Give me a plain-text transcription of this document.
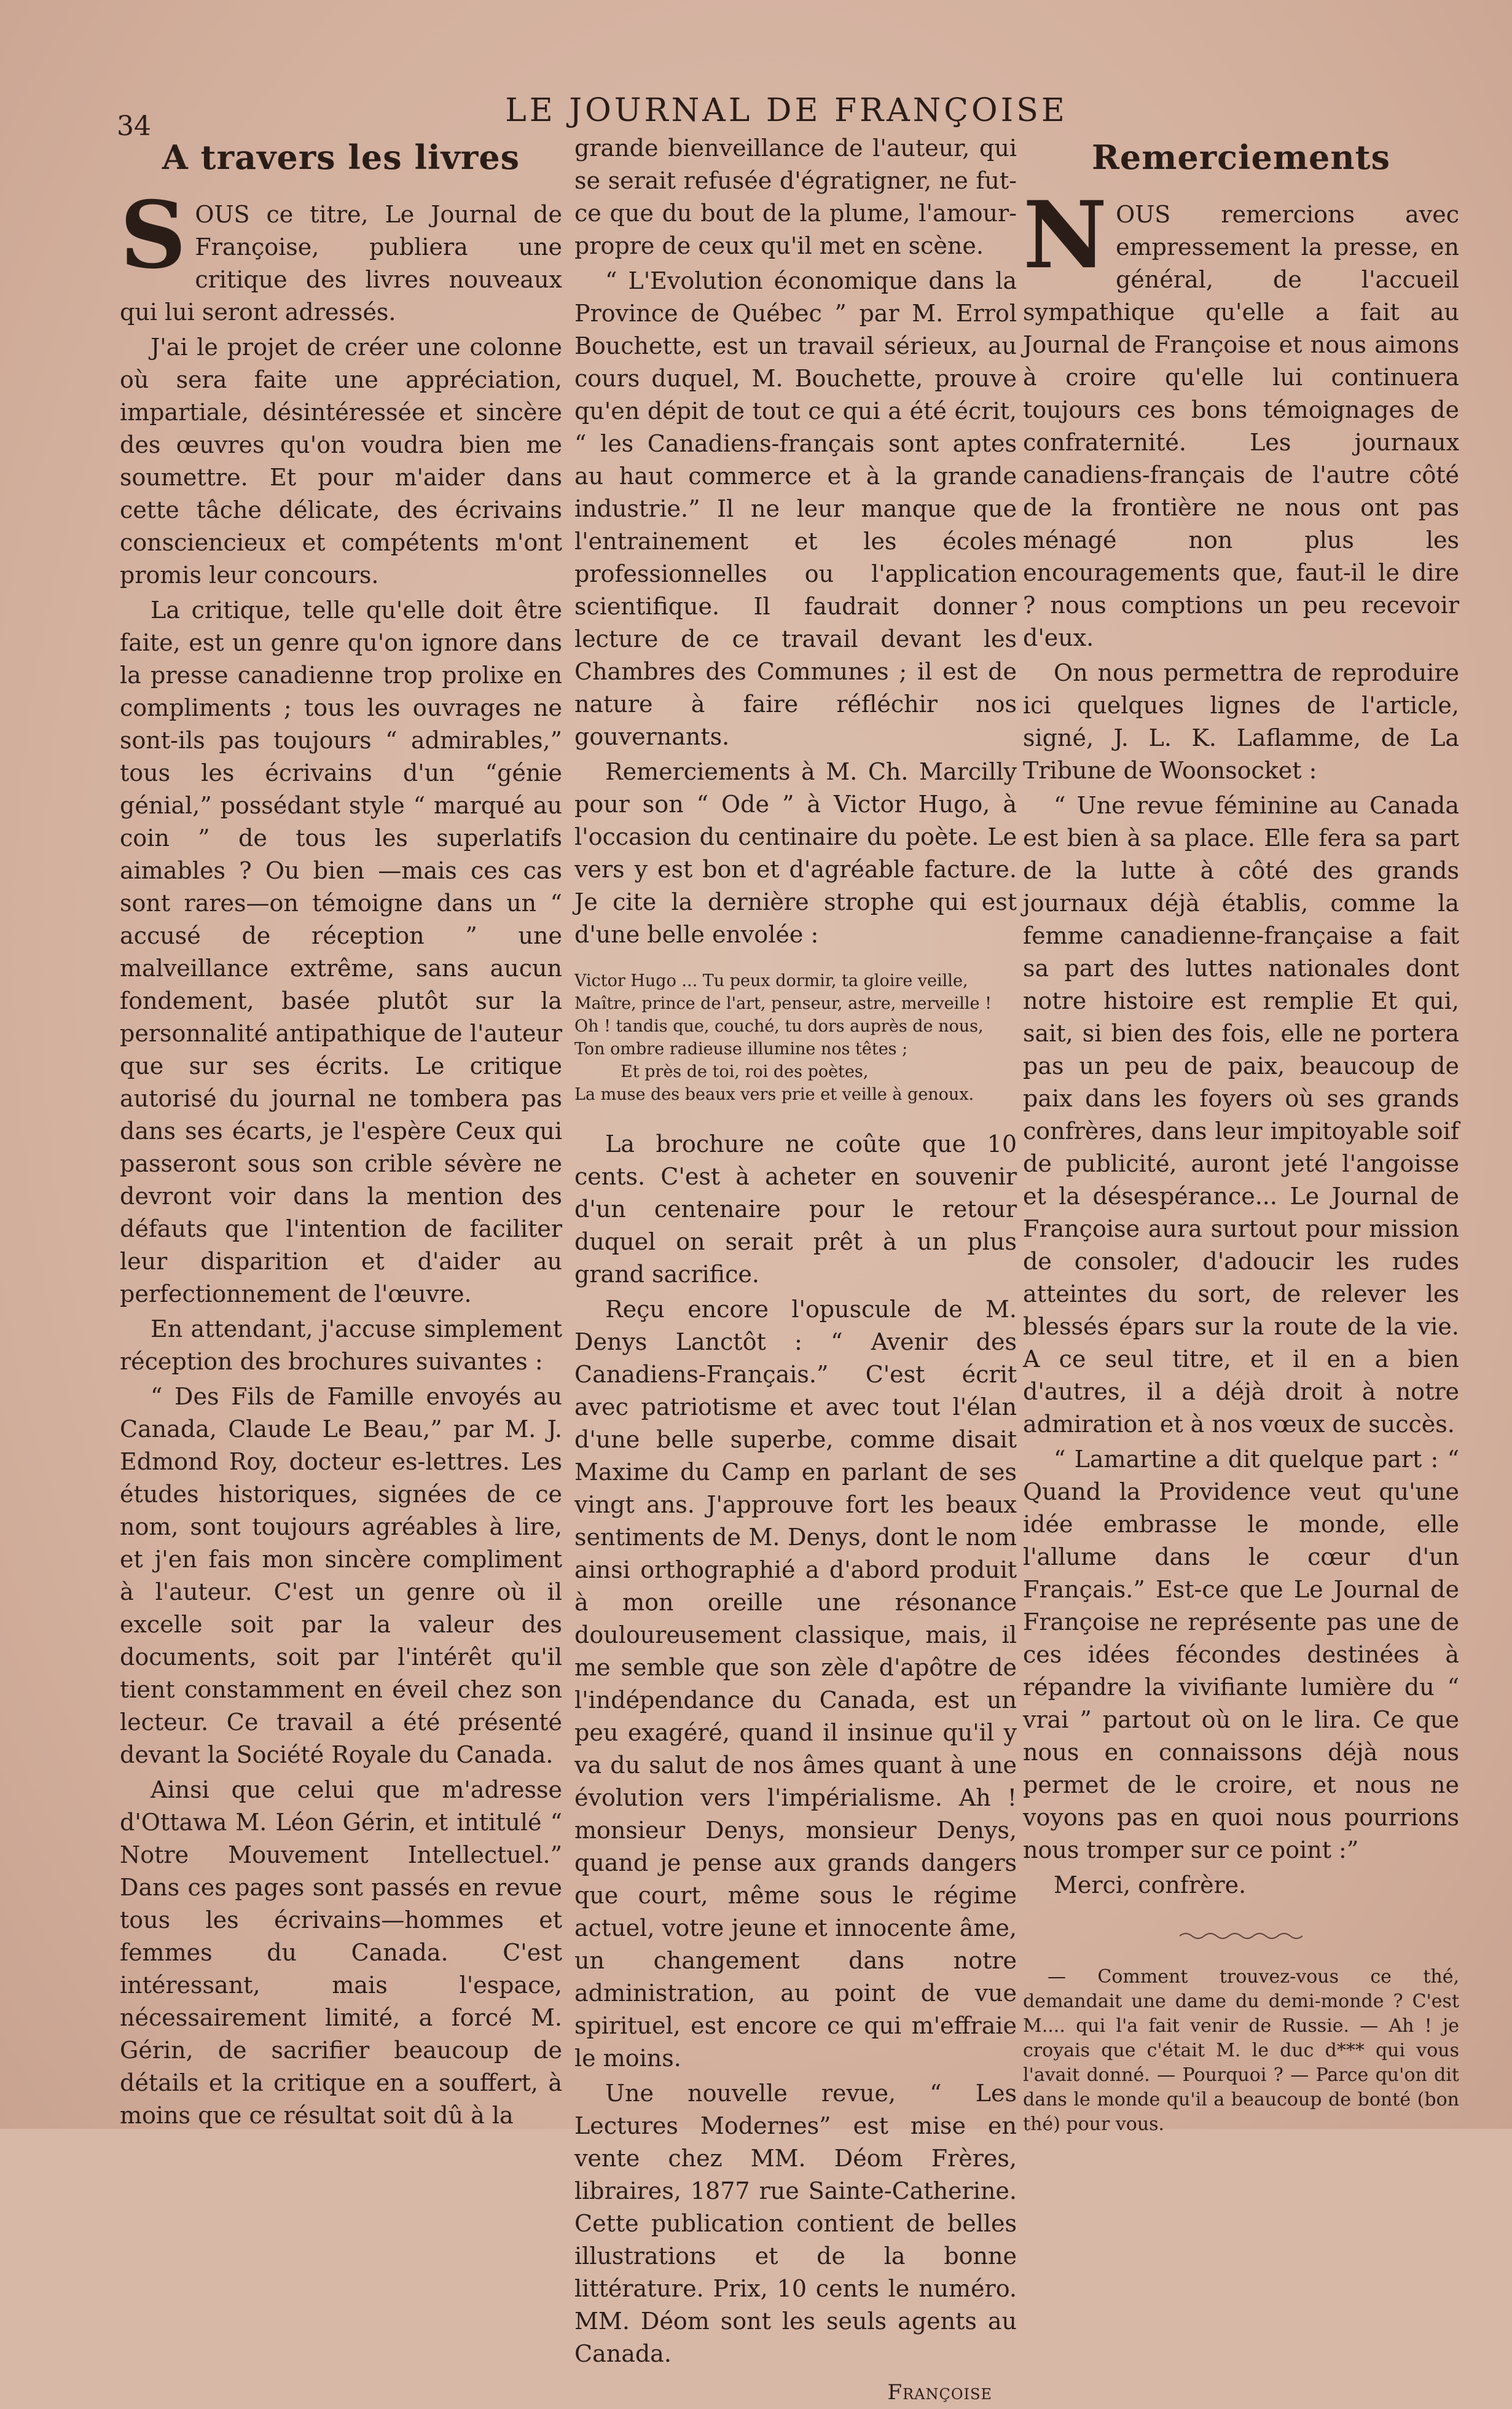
34	LE JOURNAL DE FRANÇOISE
A travers les livres

SOUS ce titre, Le Journal de Françoise, publiera une critique des livres nouveaux qui lui seront adressés.

J'ai le projet de créer une colonne où sera faite une appréciation, impartiale, désintéressée et sincère des œuvres qu'on voudra bien me soumettre. Et pour m'aider dans cette tâche délicate, des écrivains consciencieux et compétents m'ont promis leur concours.

La critique, telle qu'elle doit être faite, est un genre qu'on ignore dans la presse canadienne trop prolixe en compliments ; tous les ouvrages ne sont-ils pas toujours “ admirables,” tous les écrivains d'un “génie génial,” possédant style “ marqué au coin ” de tous les superlatifs aimables ? Ou bien —mais ces cas sont rares—on témoigne dans un “ accusé de réception ” une malveillance extrême, sans aucun fondement, basée plutôt sur la personnalité antipathique de l'auteur que sur ses écrits. Le critique autorisé du journal ne tombera pas dans ses écarts, je l'espère Ceux qui passeront sous son crible sévère ne devront voir dans la mention des défauts que l'intention de faciliter leur disparition et d'aider au perfectionnement de l'œuvre.

En attendant, j'accuse simplement réception des brochures suivantes :

“ Des Fils de Famille envoyés au Canada, Claude Le Beau,” par M. J. Edmond Roy, docteur es-lettres. Les études historiques, signées de ce nom, sont toujours agréables à lire, et j'en fais mon sincère compliment à l'auteur. C'est un genre où il excelle soit par la valeur des documents, soit par l'intérêt qu'il tient constamment en éveil chez son lecteur. Ce travail a été présenté devant la Société Royale du Canada.

Ainsi que celui que m'adresse d'Ottawa M. Léon Gérin, et intitulé “ Notre Mouvement Intellectuel.” Dans ces pages sont passés en revue tous les écrivains—hommes et femmes du Canada. C'est intéressant, mais l'espace, nécessairement limité, a forcé M. Gérin, de sacrifier beaucoup de détails et la critique en a souffert, à moins que ce résultat soit dû à la

grande bienveillance de l'auteur, qui se serait refusée d'égratigner, ne fut-ce que du bout de la plume, l'amour-propre de ceux qu'il met en scène.

“ L'Evolution économique dans la Province de Québec ” par M. Errol Bouchette, est un travail sérieux, au cours duquel, M. Bouchette, prouve qu'en dépit de tout ce qui a été écrit, “ les Canadiens-français sont aptes au haut commerce et à la grande industrie.” Il ne leur manque que l'entrainement et les écoles professionnelles ou l'application scientifique. Il faudrait donner lecture de ce travail devant les Chambres des Communes ; il est de nature à faire réfléchir nos gouvernants.

Remerciements à M. Ch. Marcilly pour son “ Ode ” à Victor Hugo, à l'occasion du centinaire du poète. Le vers y est bon et d'agréable facture. Je cite la dernière strophe qui est d'une belle envolée :

Victor Hugo ... Tu peux dormir, ta gloire veille,
Maître, prince de l'art, penseur, astre, merveille !
Oh ! tandis que, couché, tu dors auprès de nous,
Ton ombre radieuse illumine nos têtes ;
Et près de toi, roi des poètes,
La muse des beaux vers prie et veille à genoux.

La brochure ne coûte que 10 cents. C'est à acheter en souvenir d'un centenaire pour le retour duquel on serait prêt à un plus grand sacrifice.

Reçu encore l'opuscule de M. Denys Lanctôt : “ Avenir des Canadiens-Français.” C'est écrit avec patriotisme et avec tout l'élan d'une belle superbe, comme disait Maxime du Camp en parlant de ses vingt ans. J'approuve fort les beaux sentiments de M. Denys, dont le nom ainsi orthographié a d'abord produit à mon oreille une résonance douloureusement classique, mais, il me semble que son zèle d'apôtre de l'indépendance du Canada, est un peu exagéré, quand il insinue qu'il y va du salut de nos âmes quant à une évolution vers l'impérialisme. Ah ! monsieur Denys, monsieur Denys, quand je pense aux grands dangers que court, même sous le régime actuel, votre jeune et innocente âme, un changement dans notre administration, au point de vue spirituel, est encore ce qui m'effraie le moins.

Une nouvelle revue, “ Les Lectures Modernes” est mise en vente chez MM. Déom Frères, libraires, 1877 rue Sainte-Catherine. Cette publication contient de belles illustrations et de la bonne littérature. Prix, 10 cents le numéro. MM. Déom sont les seuls agents au Canada.

Françoise
Remerciements

NOUS remercions avec empressement la presse, en général, de l'accueil sympathique qu'elle a fait au Journal de Françoise et nous aimons à croire qu'elle lui continuera toujours ces bons témoignages de confraternité. Les journaux canadiens-français de l'autre côté de la frontière ne nous ont pas ménagé non plus les encouragements que, faut-il le dire ? nous comptions un peu recevoir d'eux.

On nous permettra de reproduire ici quelques lignes de l'article, signé, J. L. K. Laflamme, de La Tribune de Woonsocket :

“ Une revue féminine au Canada est bien à sa place. Elle fera sa part de la lutte à côté des grands journaux déjà établis, comme la femme canadienne-française a fait sa part des luttes nationales dont notre histoire est remplie Et qui, sait, si bien des fois, elle ne portera pas un peu de paix, beaucoup de paix dans les foyers où ses grands confrères, dans leur impitoyable soif de publicité, auront jeté l'angoisse et la désespérance... Le Journal de Françoise aura surtout pour mission de consoler, d'adoucir les rudes atteintes du sort, de relever les blessés épars sur la route de la vie. A ce seul titre, et il en a bien d'autres, il a déjà droit à notre admiration et à nos vœux de succès.

“ Lamartine a dit quelque part : “ Quand la Providence veut qu'une idée embrasse le monde, elle l'allume dans le cœur d'un Français.” Est-ce que Le Journal de Françoise ne représente pas une de ces idées fécondes destinées à répandre la vivifiante lumière du “ vrai ” partout où on le lira. Ce que nous en connaissons déjà nous permet de le croire, et nous ne voyons pas en quoi nous pourrions nous tromper sur ce point :”

Merci, confrère.

— Comment trouvez-vous ce thé, demandait une dame du demi-monde ? C'est M.... qui l'a fait venir de Russie. — Ah ! je croyais que c'était M. le duc d*** qui vous l'avait donné. — Pourquoi ? — Parce qu'on dit dans le monde qu'il a beaucoup de bonté (bon thé) pour vous.
